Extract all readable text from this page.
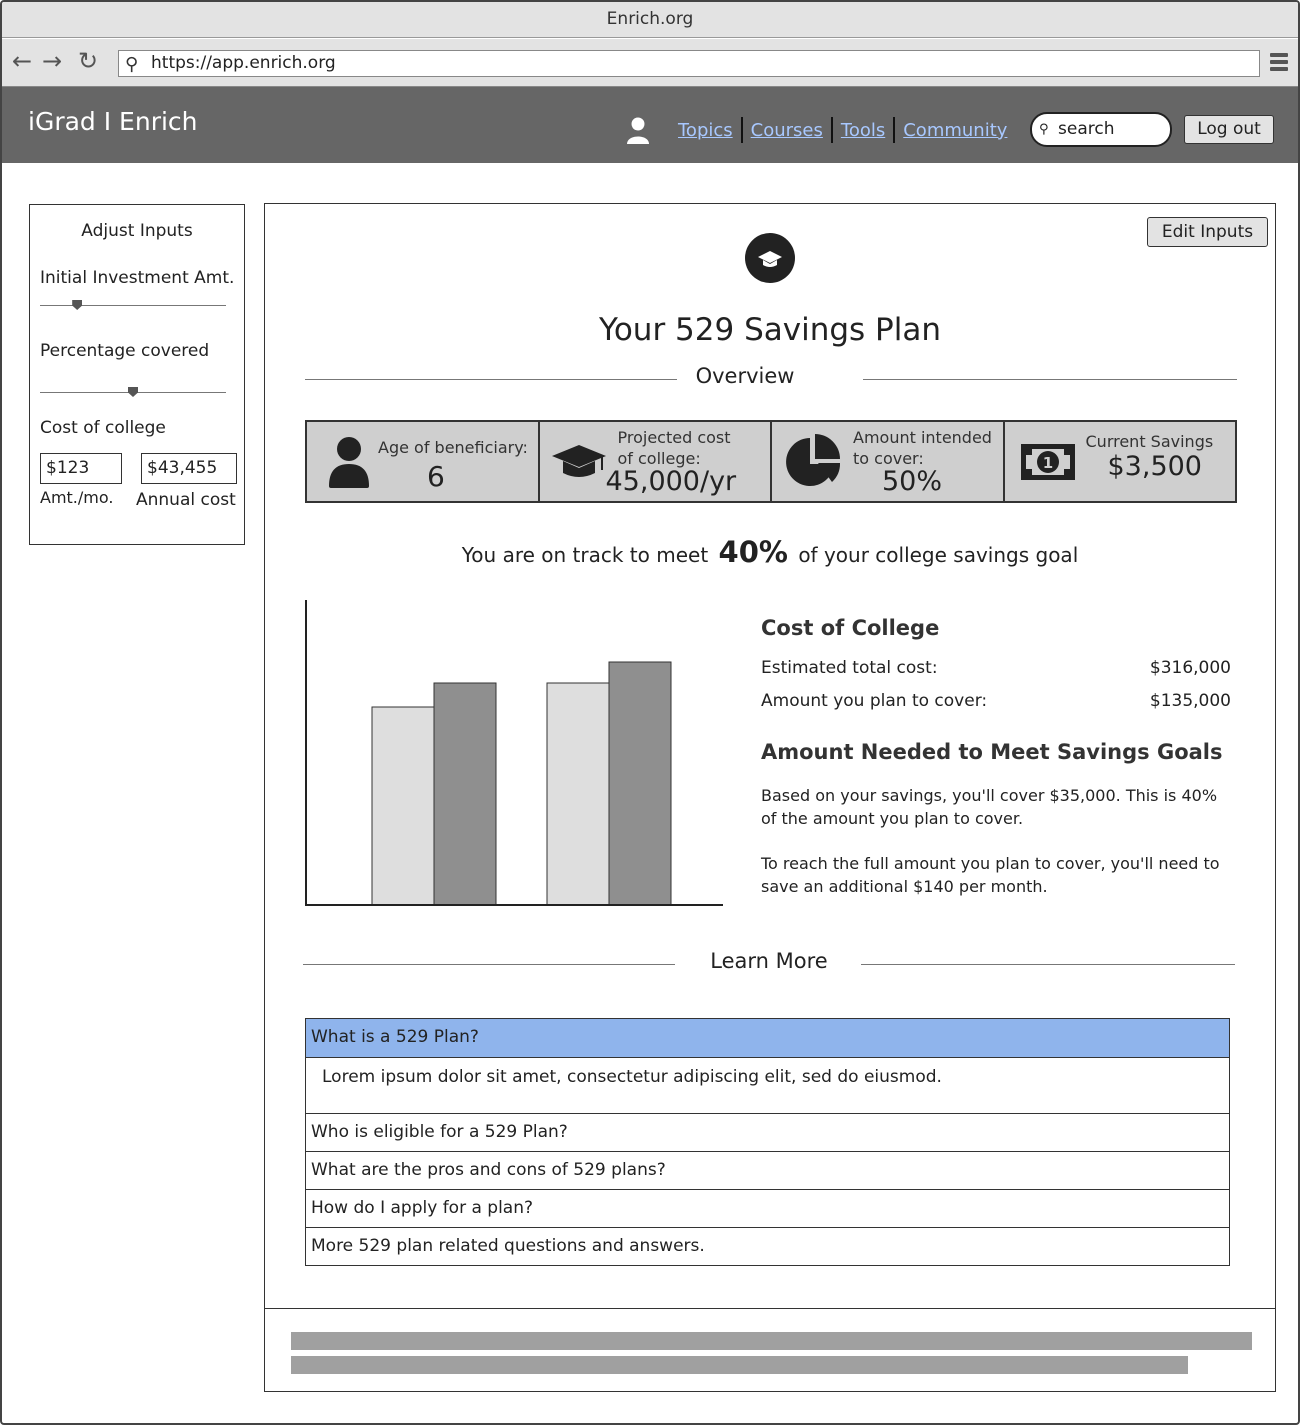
Enrich.org
← → ↻ ⚲ https://app.enrich.org
iGrad I Enrich	Topics	Courses	Tools	Community	⚲ search	Log out
Adjust Inputs
Initial Investment Amt.
Percentage covered
Cost of college
$123	$43,455
Amt./mo. Annual cost
Edit Inputs
Your 529 Savings Plan
Overview
Age of beneficiary:
6
Projected cost
of college:
45,000/yr
Amount intended
to cover:
50%
1
Current Savings
$3,500
You are on track to meet 40% of your college savings goal
Cost of College
Estimated total cost:	$316,000
Amount you plan to cover:	$135,000
Amount Needed to Meet Savings Goals

Based on your savings, you'll cover $35,000. This is 40% of the amount you plan to cover.

To reach the full amount you plan to cover, you'll need to save an additional $140 per month.

Learn More
What is a 529 Plan?
Lorem ipsum dolor sit amet, consectetur adipiscing elit, sed do eiusmod.
Who is eligible for a 529 Plan?
What are the pros and cons of 529 plans?
How do I apply for a plan?
More 529 plan related questions and answers.
